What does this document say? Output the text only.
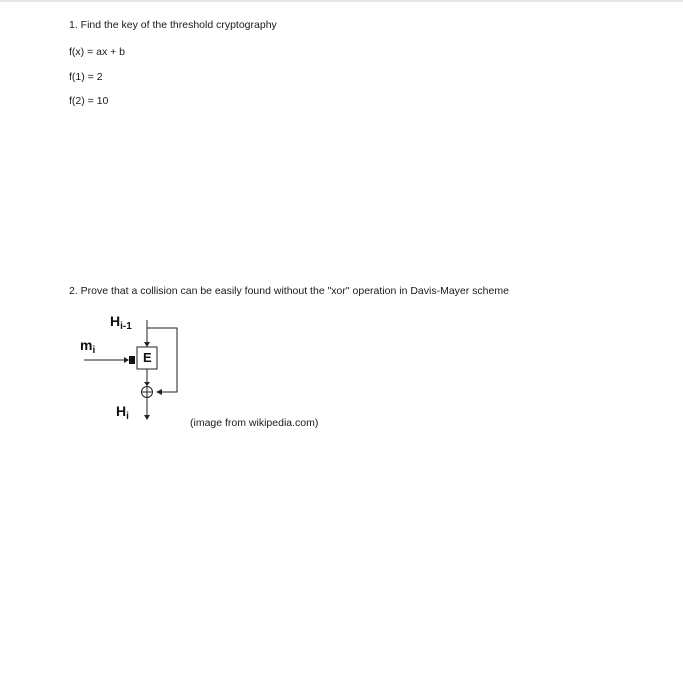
1. Find the key of the threshold cryptography
f(x) = ax + b
f(1) = 2
f(2) = 10
2. Prove that a collision can be easily found without the "xor" operation in Davis-Mayer scheme
$H_{i-1}$
$m_i$	E
$H_i$
(image from wikipedia.com)
